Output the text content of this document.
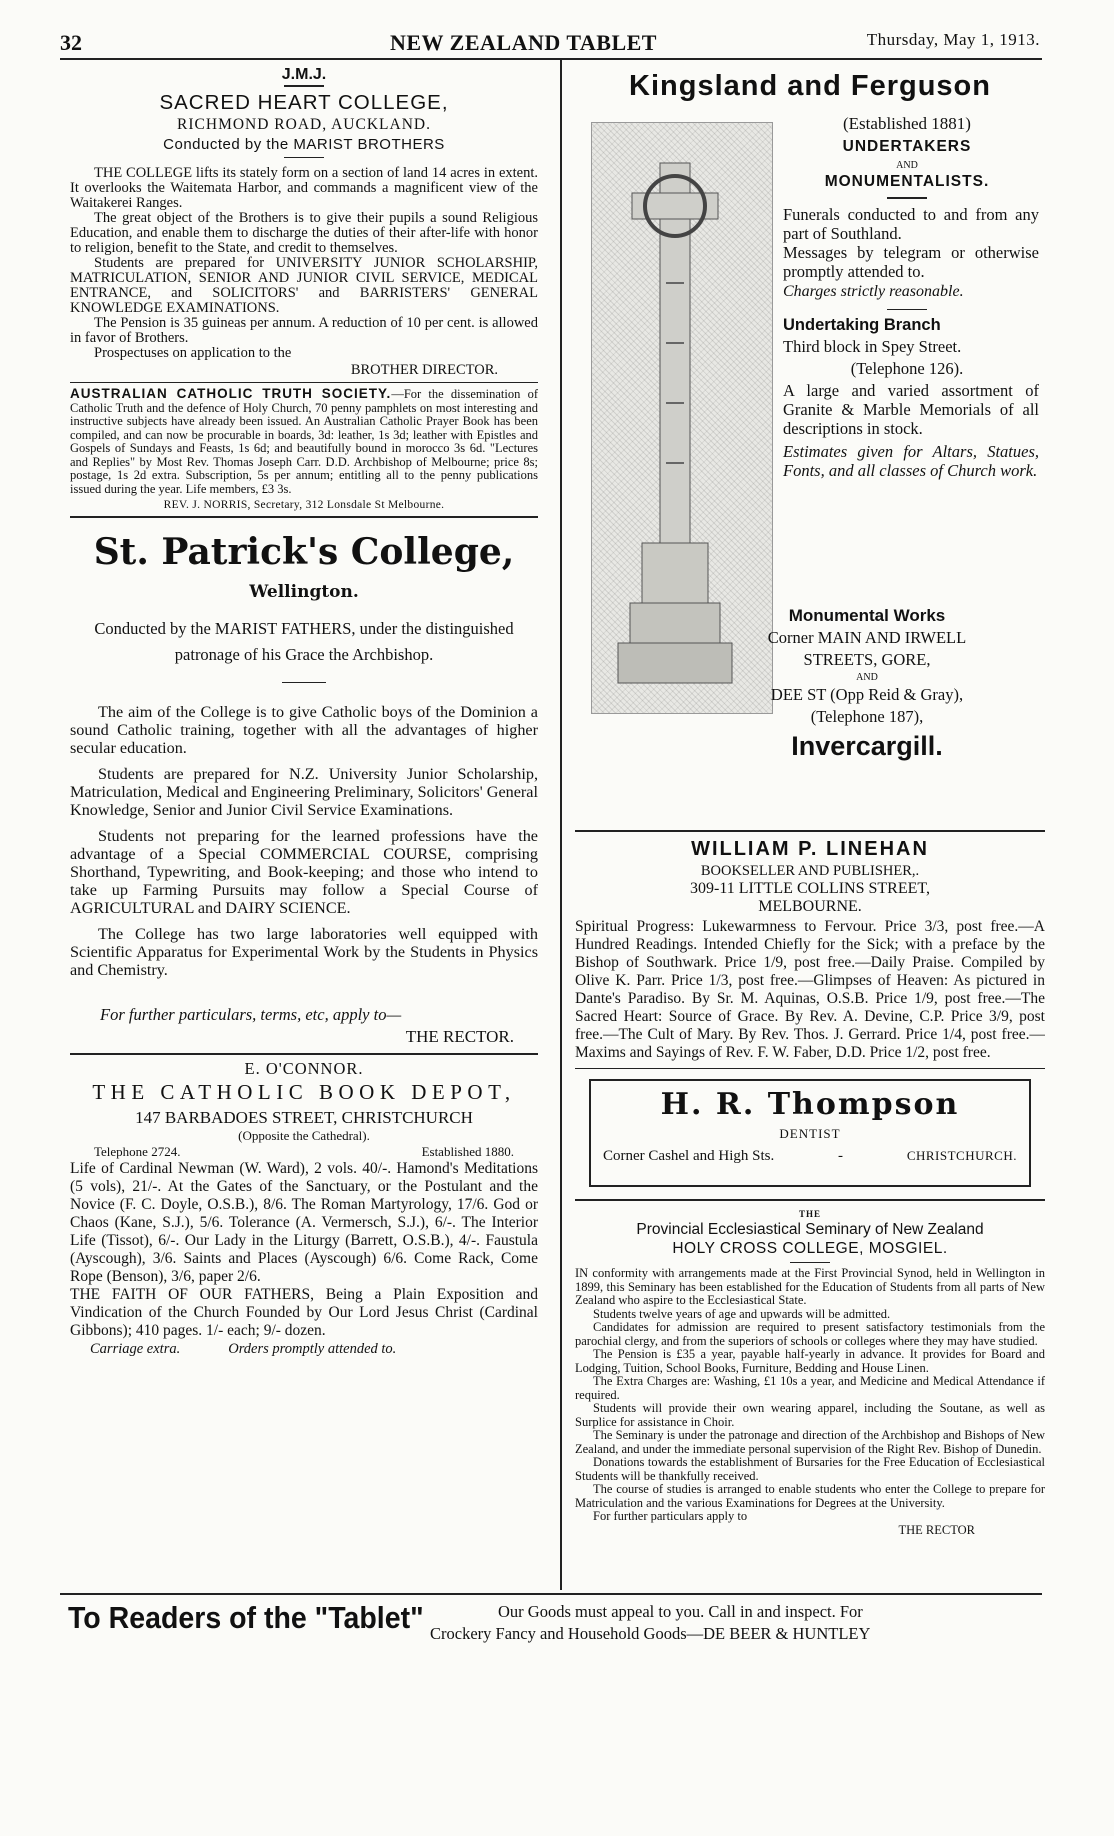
32	NEW ZEALAND TABLET	Thursday, May 1, 1913.

J.M.J.

SACRED HEART COLLEGE,

RICHMOND ROAD, AUCKLAND.

Conducted by the MARIST BROTHERS

THE COLLEGE lifts its stately form on a section of land 14 acres in extent. It overlooks the Waitemata Harbor, and commands a magnificent view of the Waitakerei Ranges.

The great object of the Brothers is to give their pupils a sound Religious Education, and enable them to discharge the duties of their after-life with honor to religion, benefit to the State, and credit to themselves.

Students are prepared for UNIVERSITY JUNIOR SCHOLARSHIP, MATRICULATION, SENIOR AND JUNIOR CIVIL SERVICE, MEDICAL ENTRANCE, and SOLICITORS' and BARRISTERS' GENERAL KNOWLEDGE EXAMINATIONS.

The Pension is 35 guineas per annum. A reduction of 10 per cent. is allowed in favor of Brothers.

Prospectuses on application to the

BROTHER DIRECTOR.

AUSTRALIAN CATHOLIC TRUTH SOCIETY.—For the dissemination of Catholic Truth and the defence of Holy Church, 70 penny pamphlets on most interesting and instructive subjects have already been issued. An Australian Catholic Prayer Book has been compiled, and can now be procurable in boards, 3d: leather, 1s 3d; leather with Epistles and Gospels of Sundays and Feasts, 1s 6d; and beautifully bound in morocco 3s 6d. "Lectures and Replies" by Most Rev. Thomas Joseph Carr. D.D. Archbishop of Melbourne; price 8s; postage, 1s 2d extra. Subscription, 5s per annum; entitling all to the penny publications issued during the year. Life members, £3 3s.

REV. J. NORRIS, Secretary, 312 Lonsdale St Melbourne.

St. Patrick's College,

Wellington.

Conducted by the MARIST FATHERS, under the distinguished patronage of his Grace the Archbishop.

The aim of the College is to give Catholic boys of the Dominion a sound Catholic training, together with all the advantages of higher secular education.

Students are prepared for N.Z. University Junior Scholarship, Matriculation, Medical and Engineering Preliminary, Solicitors' General Knowledge, Senior and Junior Civil Service Examinations.

Students not preparing for the learned professions have the advantage of a Special COMMERCIAL COURSE, comprising Shorthand, Typewriting, and Book-keeping; and those who intend to take up Farming Pursuits may follow a Special Course of AGRICULTURAL and DAIRY SCIENCE.

The College has two large laboratories well equipped with Scientific Apparatus for Experimental Work by the Students in Physics and Chemistry.

For further particulars, terms, etc, apply to—

THE RECTOR.

E. O'CONNOR.

THE CATHOLIC BOOK DEPOT,

147 BARBADOES STREET, CHRISTCHURCH

(Opposite the Cathedral).

Telephone 2724.	Established 1880.

Life of Cardinal Newman (W. Ward), 2 vols. 40/-. Hamond's Meditations (5 vols), 21/-. At the Gates of the Sanctuary, or the Postulant and the Novice (F. C. Doyle, O.S.B.), 8/6. The Roman Martyrology, 17/6. God or Chaos (Kane, S.J.), 5/6. Tolerance (A. Vermersch, S.J.), 6/-. The Interior Life (Tissot), 6/-. Our Lady in the Liturgy (Barrett, O.S.B.), 4/-. Faustula (Ayscough), 3/6. Saints and Places (Ayscough) 6/6. Come Rack, Come Rope (Benson), 3/6, paper 2/6.

THE FAITH OF OUR FATHERS, Being a Plain Exposition and Vindication of the Church Founded by Our Lord Jesus Christ (Cardinal Gibbons); 410 pages. 1/- each; 9/- dozen.

Carriage extra.	Orders promptly attended to.

Kingsland and Ferguson

(Established 1881)

UNDERTAKERS

AND

MONUMENTALISTS.

Funerals conducted to and from any part of Southland.

Messages by telegram or otherwise promptly attended to.

Charges strictly reasonable.

Undertaking Branch

Third block in Spey Street.

(Telephone 126).

A large and varied assortment of Granite & Marble Memorials of all descriptions in stock.

Estimates given for Altars, Statues, Fonts, and all classes of Church work.

Monumental Works

Corner MAIN AND IRWELL

STREETS, GORE,

AND

DEE ST (Opp Reid & Gray),

(Telephone 187),

Invercargill.

WILLIAM P. LINEHAN

BOOKSELLER AND PUBLISHER,.

309-11 LITTLE COLLINS STREET,

MELBOURNE.

Spiritual Progress: Lukewarmness to Fervour. Price 3/3, post free.—A Hundred Readings. Intended Chiefly for the Sick; with a preface by the Bishop of Southwark. Price 1/9, post free.—Daily Praise. Compiled by Olive K. Parr. Price 1/3, post free.—Glimpses of Heaven: As pictured in Dante's Paradiso. By Sr. M. Aquinas, O.S.B. Price 1/9, post free.—The Sacred Heart: Source of Grace. By Rev. A. Devine, C.P. Price 3/9, post free.—The Cult of Mary. By Rev. Thos. J. Gerrard. Price 1/4, post free.—Maxims and Sayings of Rev. F. W. Faber, D.D. Price 1/2, post free.

H. R. Thompson

DENTIST

Corner Cashel and High Sts.	-	CHRISTCHURCH.

THE

Provincial Ecclesiastical Seminary of New Zealand

HOLY CROSS COLLEGE, MOSGIEL.

IN conformity with arrangements made at the First Provincial Synod, held in Wellington in 1899, this Seminary has been established for the Education of Students from all parts of New Zealand who aspire to the Ecclesiastical State.

Students twelve years of age and upwards will be admitted.

Candidates for admission are required to present satisfactory testimonials from the parochial clergy, and from the superiors of schools or colleges where they may have studied.

The Pension is £35 a year, payable half-yearly in advance. It provides for Board and Lodging, Tuition, School Books, Furniture, Bedding and House Linen.

The Extra Charges are: Washing, £1 10s a year, and Medicine and Medical Attendance if required.

Students will provide their own wearing apparel, including the Soutane, as well as Surplice for assistance in Choir.

The Seminary is under the patronage and direction of the Archbishop and Bishops of New Zealand, and under the immediate personal supervision of the Right Rev. Bishop of Dunedin.

Donations towards the establishment of Bursaries for the Free Education of Ecclesiastical Students will be thankfully received.

The course of studies is arranged to enable students who enter the College to prepare for Matriculation and the various Examinations for Degrees at the University.

For further particulars apply to

THE RECTOR

To Readers of the "Tablet"	Our Goods must appeal to you. Call in and inspect. For

Crockery Fancy and Household Goods—DE BEER & HUNTLEY
